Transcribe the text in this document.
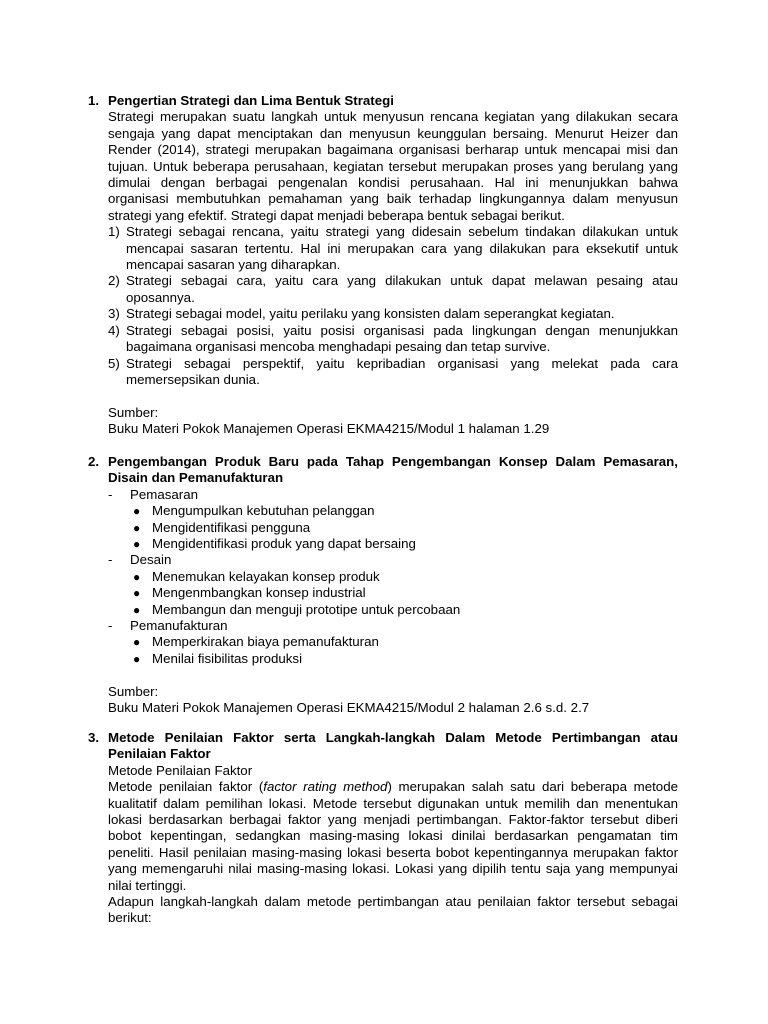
1. Pengertian Strategi dan Lima Bentuk Strategi
Strategi merupakan suatu langkah untuk menyusun rencana kegiatan yang dilakukan secara sengaja yang dapat menciptakan dan menyusun keunggulan bersaing. Menurut Heizer dan Render (2014), strategi merupakan bagaimana organisasi berharap untuk mencapai misi dan tujuan. Untuk beberapa perusahaan, kegiatan tersebut merupakan proses yang berulang yang dimulai dengan berbagai pengenalan kondisi perusahaan. Hal ini menunjukkan bahwa organisasi membutuhkan pemahaman yang baik terhadap lingkungannya dalam menyusun strategi yang efektif. Strategi dapat menjadi beberapa bentuk sebagai berikut.
1) Strategi sebagai rencana, yaitu strategi yang didesain sebelum tindakan dilakukan untuk mencapai sasaran tertentu. Hal ini merupakan cara yang dilakukan para eksekutif untuk mencapai sasaran yang diharapkan.
2) Strategi sebagai cara, yaitu cara yang dilakukan untuk dapat melawan pesaing atau oposannya.
3) Strategi sebagai model, yaitu perilaku yang konsisten dalam seperangkat kegiatan.
4) Strategi sebagai posisi, yaitu posisi organisasi pada lingkungan dengan menunjukkan bagaimana organisasi mencoba menghadapi pesaing dan tetap survive.
5) Strategi sebagai perspektif, yaitu kepribadian organisasi yang melekat pada cara memersepsikan dunia.
Sumber:
Buku Materi Pokok Manajemen Operasi EKMA4215/Modul 1 halaman 1.29
2. Pengembangan Produk Baru pada Tahap Pengembangan Konsep Dalam Pemasaran, Disain dan Pemanufakturan
- Pemasaran
● Mengumpulkan kebutuhan pelanggan
● Mengidentifikasi pengguna
● Mengidentifikasi produk yang dapat bersaing
- Desain
● Menemukan kelayakan konsep produk
● Mengenmbangkan konsep industrial
● Membangun dan menguji prototipe untuk percobaan
- Pemanufakturan
● Memperkirakan biaya pemanufakturan
● Menilai fisibilitas produksi
Sumber:
Buku Materi Pokok Manajemen Operasi EKMA4215/Modul 2 halaman 2.6 s.d. 2.7
3. Metode Penilaian Faktor serta Langkah-langkah Dalam Metode Pertimbangan atau Penilaian Faktor
Metode Penilaian Faktor
Metode penilaian faktor (factor rating method) merupakan salah satu dari beberapa metode kualitatif dalam pemilihan lokasi. Metode tersebut digunakan untuk memilih dan menentukan lokasi berdasarkan berbagai faktor yang menjadi pertimbangan. Faktor-faktor tersebut diberi bobot kepentingan, sedangkan masing-masing lokasi dinilai berdasarkan pengamatan tim peneliti. Hasil penilaian masing-masing lokasi beserta bobot kepentingannya merupakan faktor yang memengaruhi nilai masing-masing lokasi. Lokasi yang dipilih tentu saja yang mempunyai nilai tertinggi.
Adapun langkah-langkah dalam metode pertimbangan atau penilaian faktor tersebut sebagai berikut:
